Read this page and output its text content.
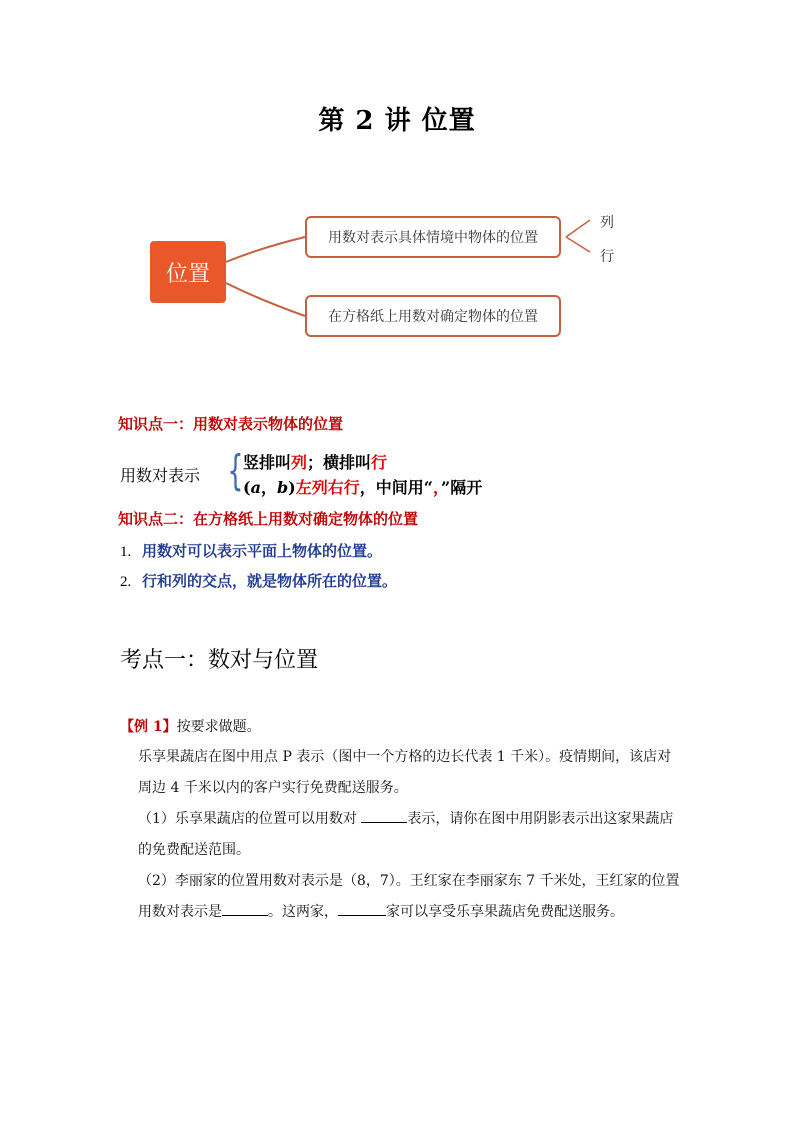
第 2 讲 位置
位置
用数对表示具体情境中物体的位置
在方格纸上用数对确定物体的位置
列
行
知识点一：用数对表示物体的位置
用数对表示 { 竖排叫列；横排叫行
(a，b)左列右行，中间用“，”隔开
知识点二：在方格纸上用数对确定物体的位置
1. 用数对可以表示平面上物体的位置。
2. 行和列的交点，就是物体所在的位置。
考点一：数对与位置
【例 1】按要求做题。
乐享果蔬店在图中用点 P 表示（图中一个方格的边长代表 1 千米）。疫情期间，该店对
周边 4 千米以内的客户实行免费配送服务。
（1）乐享果蔬店的位置可以用数对	表示，请你在图中用阴影表示出这家果蔬店
的免费配送范围。
（2）李丽家的位置用数对表示是（8，7）。王红家在李丽家东 7 千米处，王红家的位置
用数对表示是	。这两家，	家可以享受乐享果蔬店免费配送服务。
